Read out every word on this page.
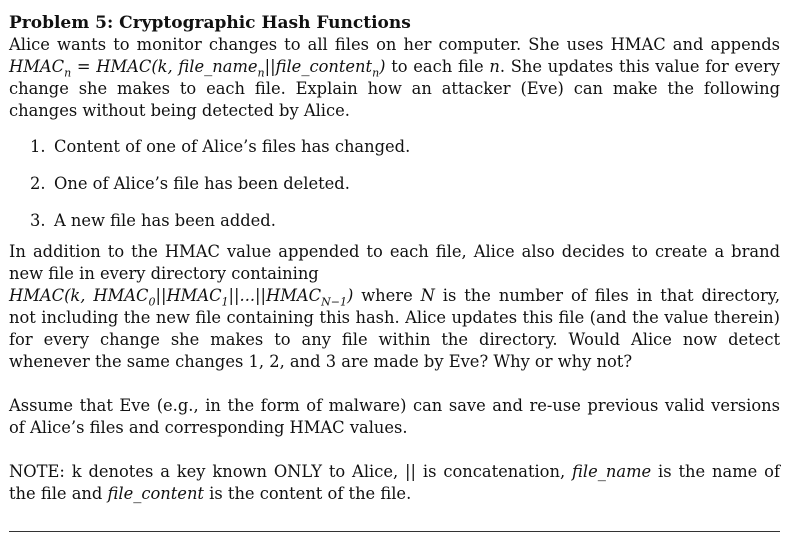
Problem 5: Cryptographic Hash Functions

Alice wants to monitor changes to all files on her computer. She uses HMAC and appends $HMAC_n$ = HMAC(k, file_name$_n$||file_content$_n$) to each file n. She updates this value for every change she makes to each file. Explain how an attacker (Eve) can make the following changes without being detected by Alice.

1. Content of one of Alice’s files has changed.
2. One of Alice’s file has been deleted.
3. A new file has been added.

In addition to the HMAC value appended to each file, Alice also decides to create a brand new file in every directory containing
HMAC(k, $HMAC_0||HMAC_1||...||HMAC_{N-1}$) where N is the number of files in that directory, not including the new file containing this hash. Alice updates this file (and the value therein) for every change she makes to any file within the directory. Would Alice now detect whenever the same changes 1, 2, and 3 are made by Eve? Why or why not?

Assume that Eve (e.g., in the form of malware) can save and re-use previous valid versions of Alice’s files and corresponding HMAC values.

NOTE: k denotes a key known ONLY to Alice, || is concatenation, file_name is the name of the file and file_content is the content of the file.
